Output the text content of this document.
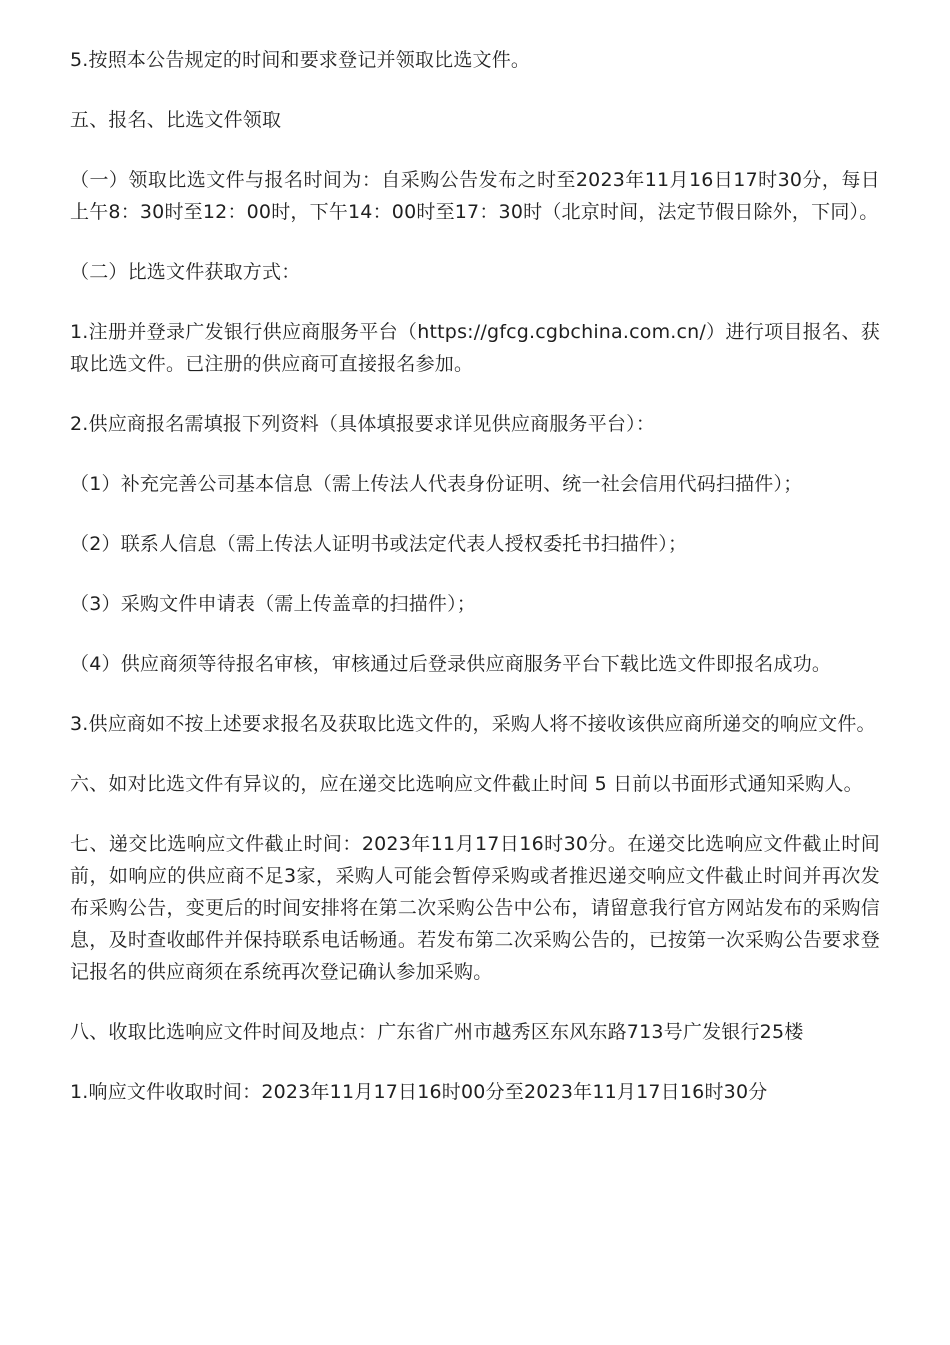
5.按照本公告规定的时间和要求登记并领取比选文件。

五、报名、比选文件领取

（一）领取比选文件与报名时间为：自采购公告发布之时至2023年11月16日17时30分，每日上午8：30时至12：00时，下午14：00时至17：30时（北京时间，法定节假日除外，下同）。

（二）比选文件获取方式：

1.注册并登录广发银行供应商服务平台（https://gfcg.cgbchina.com.cn/）进行项目报名、获取比选文件。已注册的供应商可直接报名参加。

2.供应商报名需填报下列资料（具体填报要求详见供应商服务平台）：

（1）补充完善公司基本信息（需上传法人代表身份证明、统一社会信用代码扫描件）；

（2）联系人信息（需上传法人证明书或法定代表人授权委托书扫描件）；

（3）采购文件申请表（需上传盖章的扫描件）；

（4）供应商须等待报名审核，审核通过后登录供应商服务平台下载比选文件即报名成功。

3.供应商如不按上述要求报名及获取比选文件的，采购人将不接收该供应商所递交的响应文件。

六、如对比选文件有异议的，应在递交比选响应文件截止时间 5 日前以书面形式通知采购人。

七、递交比选响应文件截止时间：2023年11月17日16时30分。在递交比选响应文件截止时间前，如响应的供应商不足3家，采购人可能会暂停采购或者推迟递交响应文件截止时间并再次发布采购公告，变更后的时间安排将在第二次采购公告中公布，请留意我行官方网站发布的采购信息，及时查收邮件并保持联系电话畅通。若发布第二次采购公告的，已按第一次采购公告要求登记报名的供应商须在系统再次登记确认参加采购。

八、收取比选响应文件时间及地点：广东省广州市越秀区东风东路713号广发银行25楼

1.响应文件收取时间：2023年11月17日16时00分至2023年11月17日16时30分
